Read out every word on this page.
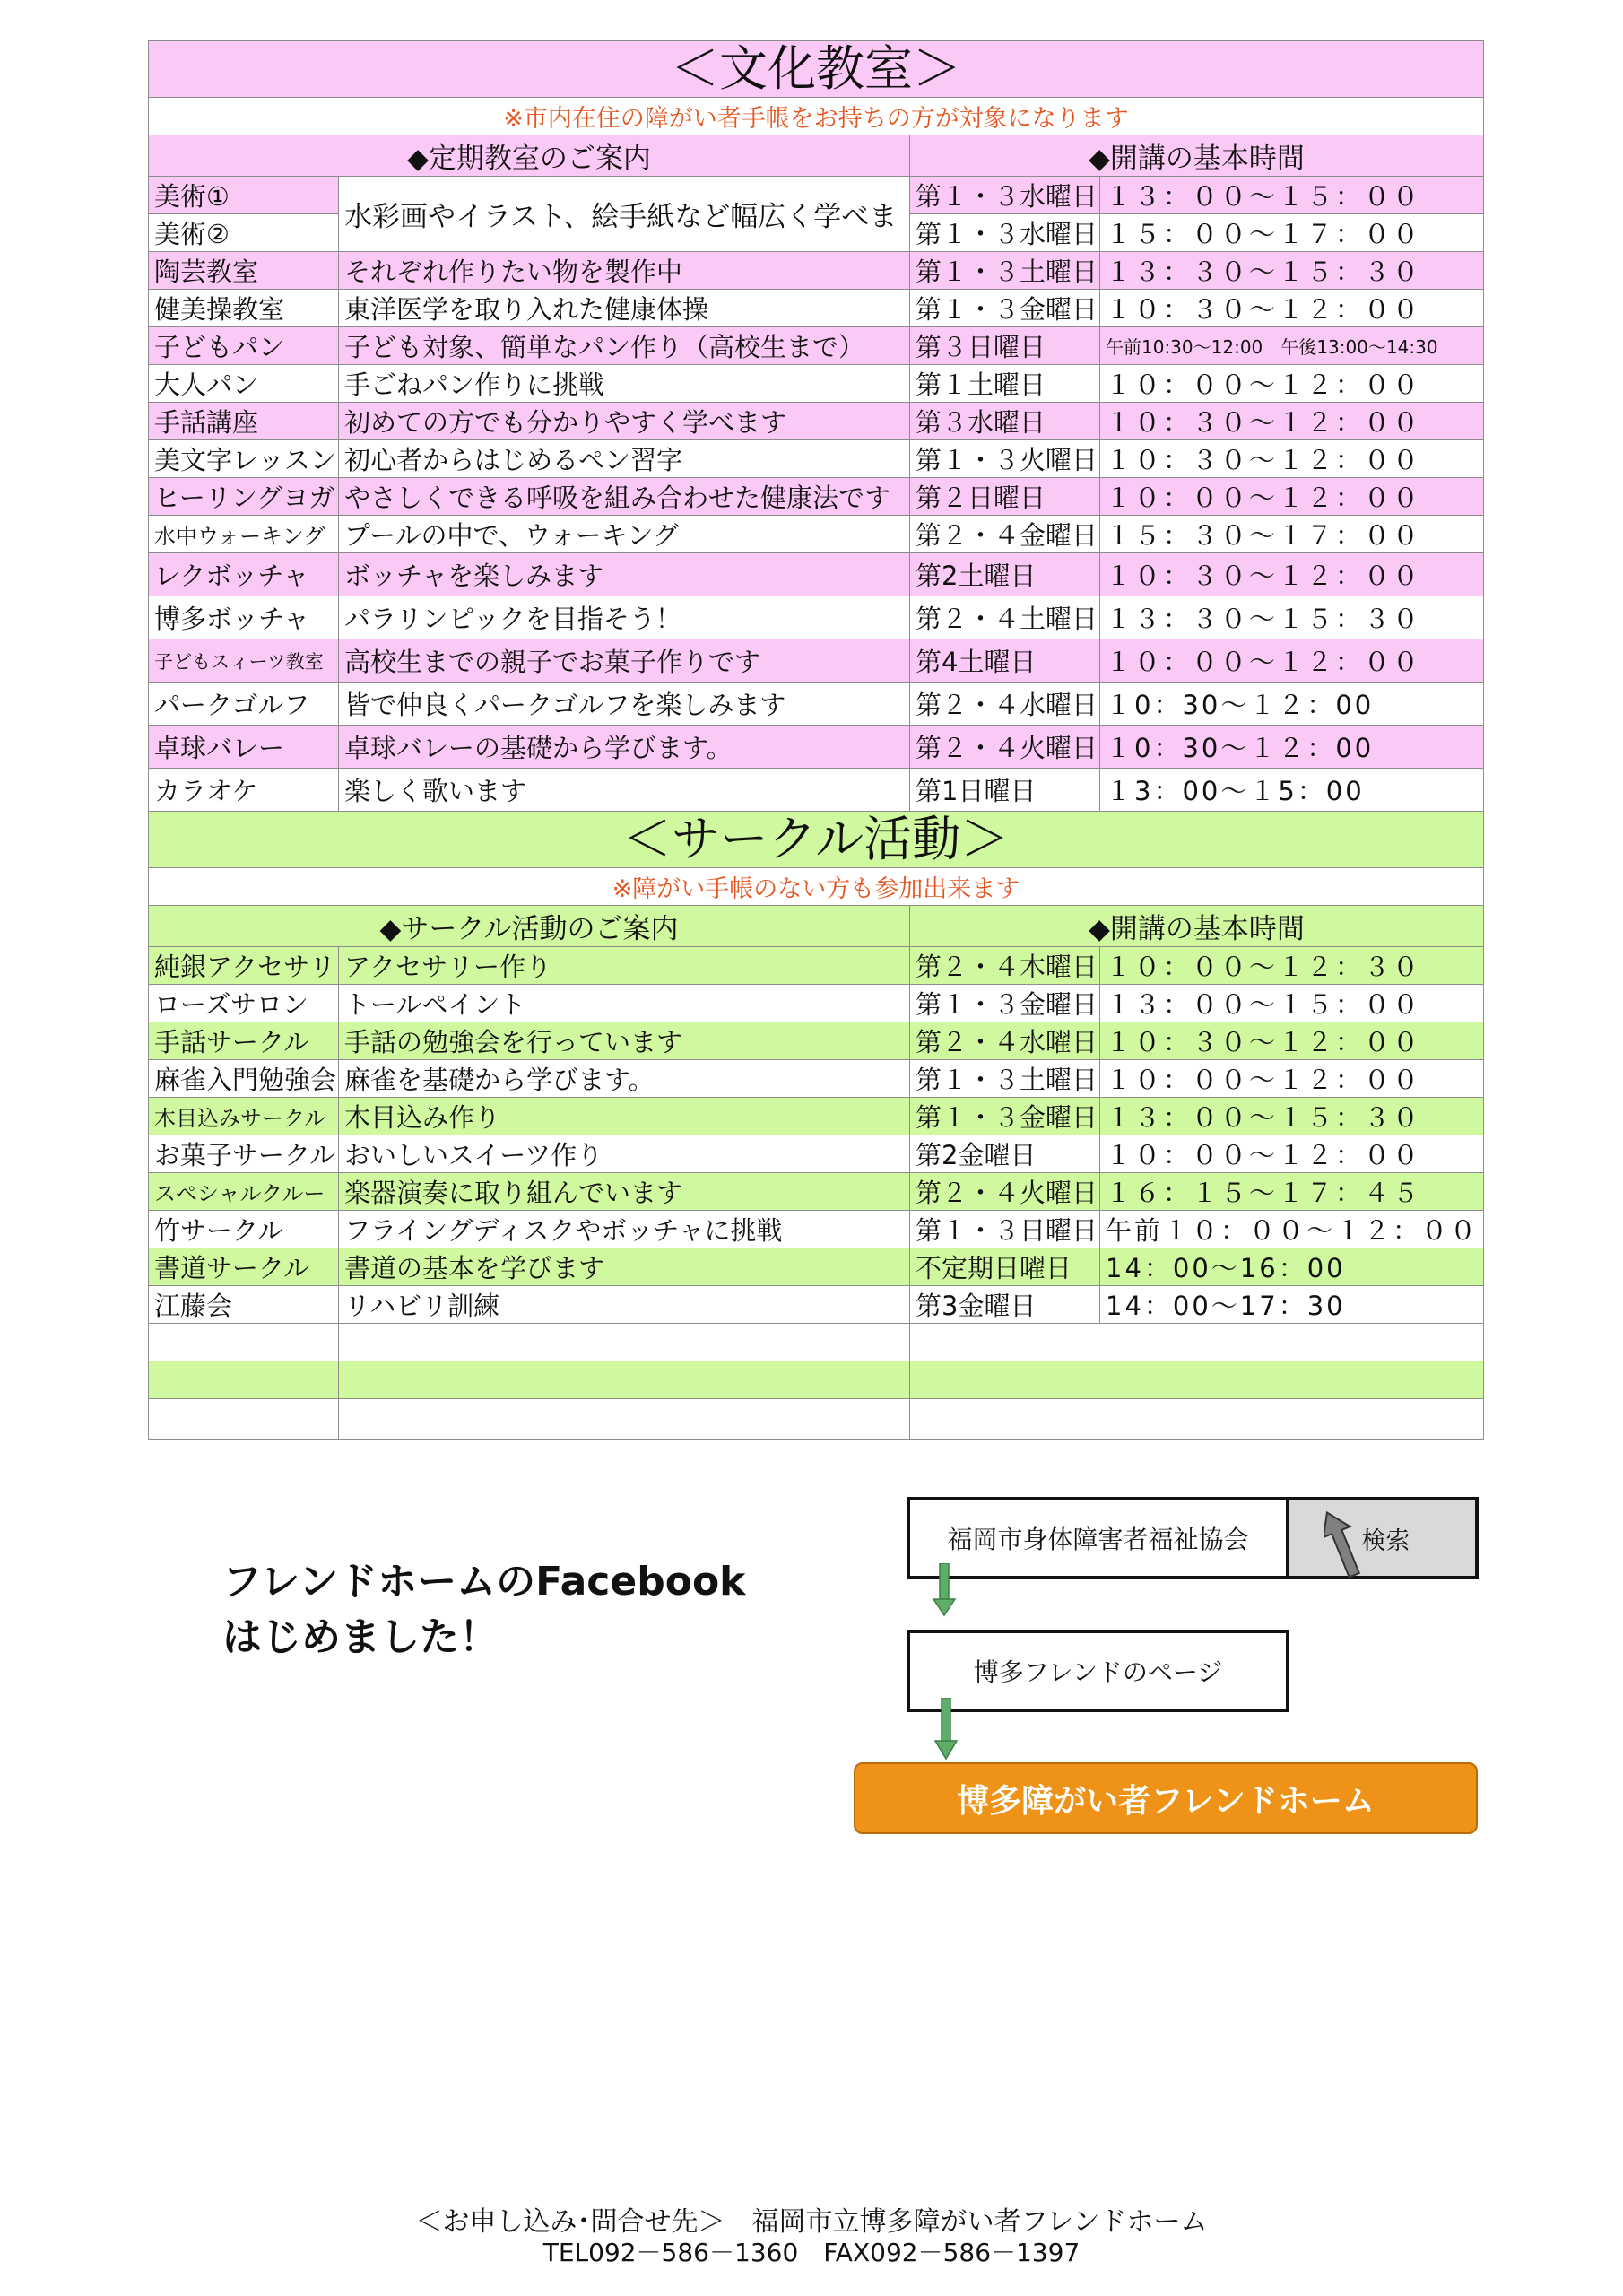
＜文化教室＞			
※市内在住の障がい者手帳をお持ちの方が対象になります			
◆定期教室のご案内		◆開講の基本時間	
美術①	水彩画やイラスト、絵手紙など幅広く学べま	第１・３水曜日	１３：００～１５：００
美術②		第１・３水曜日	１５：００～１７：００
陶芸教室	それぞれ作りたい物を製作中	第１・３土曜日	１３：３０～１５：３０
健美操教室	東洋医学を取り入れた健康体操	第１・３金曜日	１０：３０～１２：００
子どもパン	子ども対象、簡単なパン作り（高校生まで）	第３日曜日	午前10:30～12:00　午後13:00～14:30
大人パン	手ごねパン作りに挑戦	第１土曜日	１０：００～１２：００
手話講座	初めての方でも分かりやすく学べます	第３水曜日	１０：３０～１２：００
美文字レッスン	初心者からはじめるペン習字	第１・３火曜日	１０：３０～１２：００
ヒーリングヨガ	やさしくできる呼吸を組み合わせた健康法です	第２日曜日	１０：００～１２：００
水中ウォーキング	プールの中で、ウォーキング	第２・４金曜日	１５：３０～１７：００
レクボッチャ	ボッチャを楽しみます	第2土曜日	１０：３０～１２：００
博多ボッチャ	パラリンピックを目指そう！	第２・４土曜日	１３：３０～１５：３０
子どもスィーツ教室	高校生までの親子でお菓子作りです	第4土曜日	１０：００～１２：００
パークゴルフ	皆で仲良くパークゴルフを楽しみます	第２・４水曜日	１0：30～１２：00
卓球バレー	卓球バレーの基礎から学びます。	第２・４火曜日	１0：30～１２：00
カラオケ	楽しく歌います	第1日曜日	１3：00～１5：00
＜サークル活動＞			
※障がい手帳のない方も参加出来ます			
◆サークル活動のご案内		◆開講の基本時間	
純銀アクセサリ	アクセサリー作り	第２・４木曜日	１０：００～１２：３０
ローズサロン	トールペイント	第１・３金曜日	１３：００～１５：００
手話サークル	手話の勉強会を行っています	第２・４水曜日	１０：３０～１２：００
麻雀入門勉強会	麻雀を基礎から学びます。	第１・３土曜日	１０：００～１２：００
木目込みサークル	木目込み作り	第１・３金曜日	１３：００～１５：３０
お菓子サークル	おいしいスイーツ作り	第2金曜日	１０：００～１２：００
スペシャルクルー	楽器演奏に取り組んでいます	第２・４火曜日	１６：１５～１７：４５
竹サークル	フライングディスクやボッチャに挑戦	第１・３日曜日	午前１０：００～１２：００
書道サークル	書道の基本を学びます	不定期日曜日	14：00～16：00
江藤会	リハビリ訓練	第3金曜日	14：00～17：30

フレンドホームのFacebook
はじめました！
福岡市身体障害者福祉協会	検索
博多フレンドのページ
博多障がい者フレンドホーム
＜お申し込み･問合せ先＞　福岡市立博多障がい者フレンドホーム
TEL092－586－1360　FAX092－586－1397
